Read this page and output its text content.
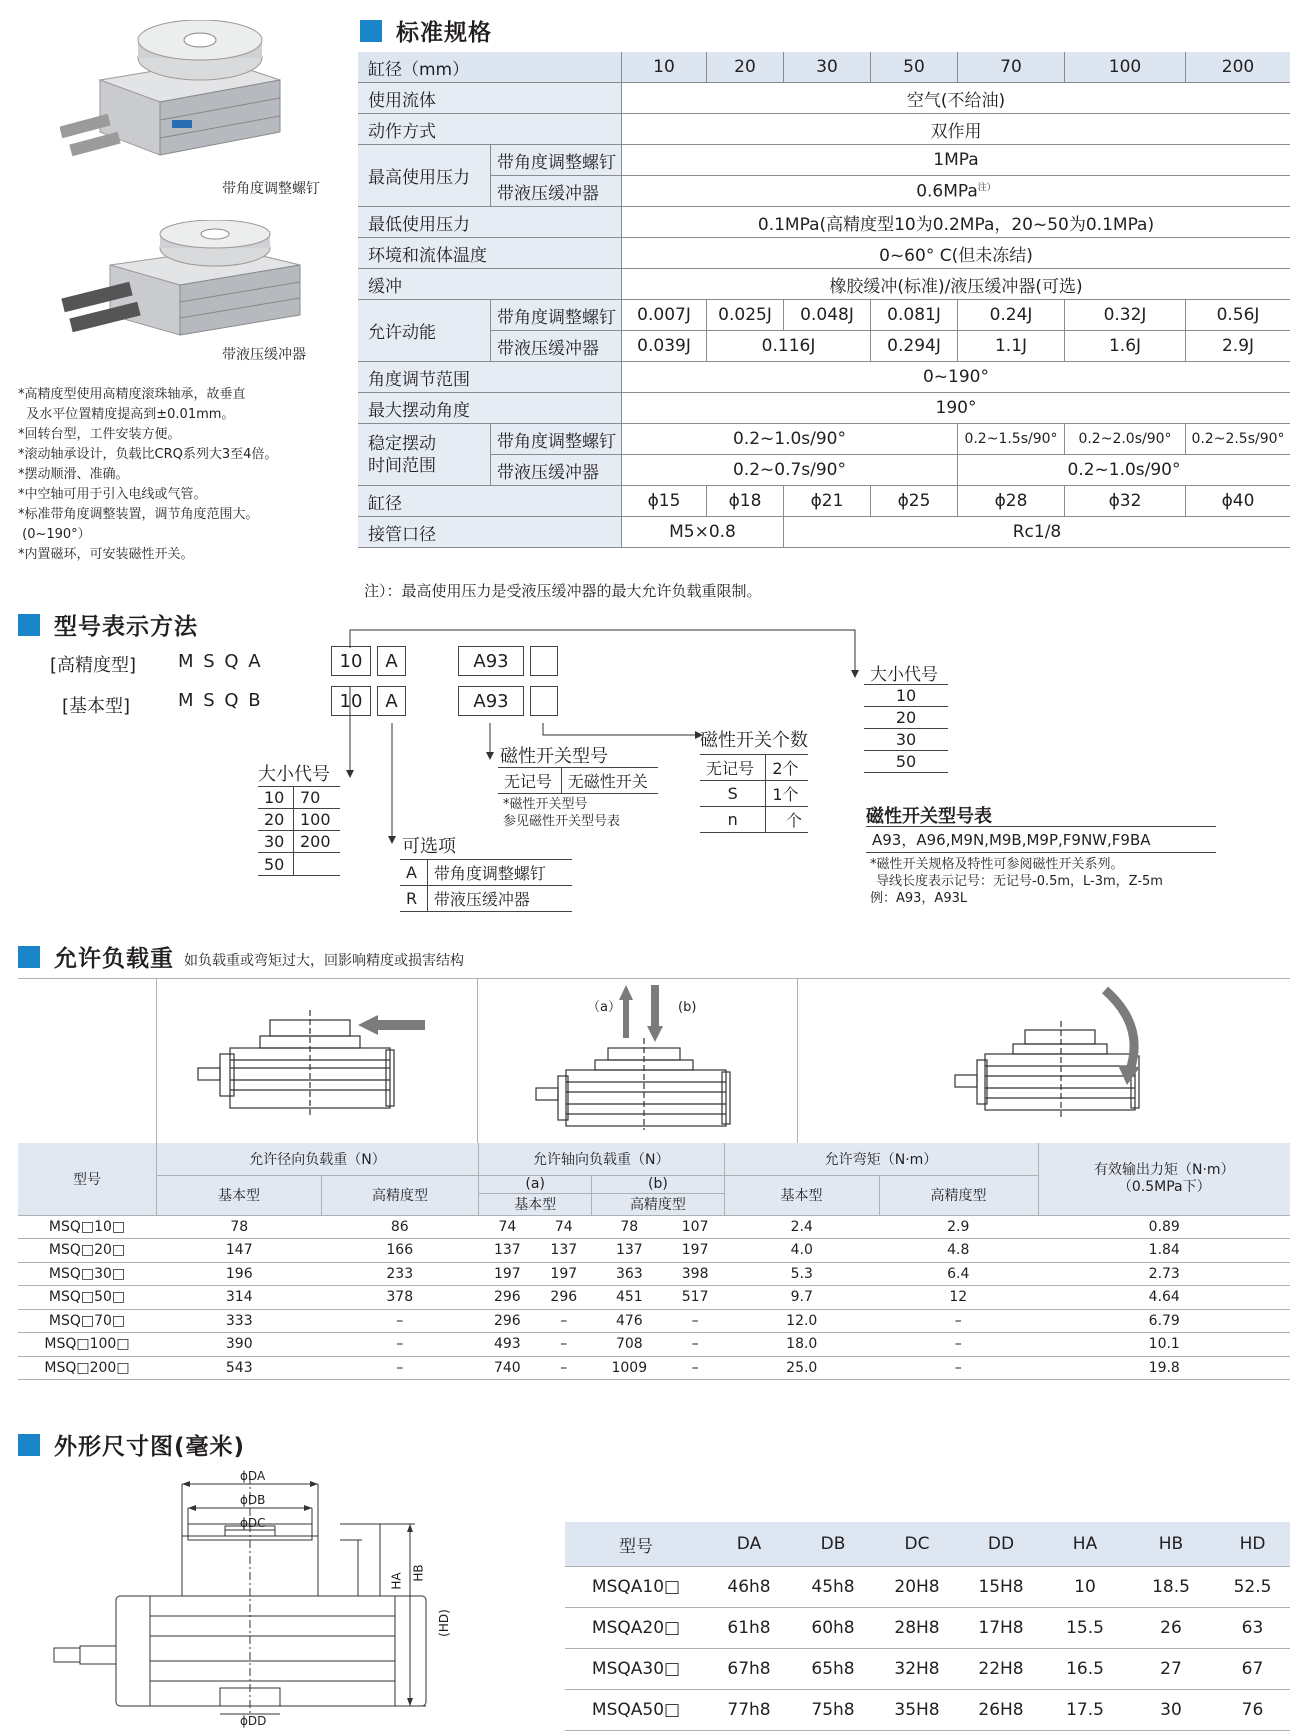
带角度调整螺钉
带液压缓冲器
*高精度型使用高精度滚珠轴承，故垂直
及水平位置精度提高到±0.01mm。
*回转台型，工件安装方便。
*滚动轴承设计，负载比CRQ系列大3至4倍。
*摆动顺滑、准确。
*中空轴可用于引入电线或气管。
*标准带角度调整装置，调节角度范围大。
(0~190°）
*内置磁环，可安装磁性开关。
标准规格
缸径（mm）		10	20	30	50	70	100	200
使用流体		空气(不给油)						
动作方式		双作用						
最高使用压力	带角度调整螺钉	1MPa						
	带液压缓冲器	0.6MPa$^{注)}$
最低使用压力		0.1MPa(高精度型10为0.2MPa，20~50为0.1MPa)						
环境和流体温度		0~60° C(但未冻结)						
缓冲		橡胶缓冲(标准)/液压缓冲器(可选)						
允许动能	带角度调整螺钉	0.007J	0.025J	0.048J	0.081J	0.24J	0.32J	0.56J
	带液压缓冲器	0.039J	0.116J		0.294J	1.1J	1.6J	2.9J
角度调节范围		0~190°						
最大摆动角度		190°						

稳定摆动
时间范围	带角度调整螺钉	0.2~1.0s/90°				0.2~1.5s/90°	0.2~2.0s/90°	0.2~2.5s/90°
	带液压缓冲器	0.2~0.7s/90°				0.2~1.0s/90°		
缸径		ϕ15	ϕ18	ϕ21	ϕ25	ϕ28	ϕ32	ϕ40
接管口径		M5×0.8		Rc1/8				
注）：最高使用压力是受液压缓冲器的最大允许负载重限制。
型号表示方法
[高精度型] M S Q A
[基本型]	M S Q B
10	A	A93
10	A	A93
大小代号
10	70
20	100
30	200
50	
可选项
A	带角度调整螺钉
R	带液压缓冲器
磁性开关型号
无记号	无磁性开关
*磁性开关型号
参见磁性开关型号表
磁性开关个数
无记号	2个
S	1个
n	个
大小代号
10
20
30
50
磁性开关型号表
A93，A96,M9N,M9B,M9P,F9NW,F9BA
*磁性开关规格及特性可参阅磁性开关系列。
导线长度表示记号：无记号-0.5m，L-3m，Z-5m
例：A93，A93L
允许负载重 如负载重或弯矩过大，回影响精度或损害结构
（a）	(b)
型号	允许径向负载重（N）		允许轴向负载重（N）				允许弯矩（N·m）		有效输出力矩（N·m）
（0.5MPa下）

	基本型	高精度型	(a)		(b)		基本型	高精度型	
			基本型		高精度型				
MSQ□10□	78	86	74	74	78	107	2.4	2.9	0.89
MSQ□20□	147	166	137	137	137	197	4.0	4.8	1.84
MSQ□30□	196	233	197	197	363	398	5.3	6.4	2.73
MSQ□50□	314	378	296	296	451	517	9.7	12	4.64
MSQ□70□	333	–	296	–	476	–	12.0	–	6.79
MSQ□100□	390	–	493	–	708	–	18.0	–	10.1
MSQ□200□	543	–	740	–	1009	–	25.0	–	19.8
外形尺寸图(毫米)
ϕDA
ϕDB
ϕDC
ϕDD
HA HB
(HD)
型号	DA	DB	DC	DD	HA	HB	HD
MSQA10□	46h8	45h8	20H8	15H8	10	18.5	52.5
MSQA20□	61h8	60h8	28H8	17H8	15.5	26	63
MSQA30□	67h8	65h8	32H8	22H8	16.5	27	67
MSQA50□	77h8	75h8	35H8	26H8	17.5	30	76
